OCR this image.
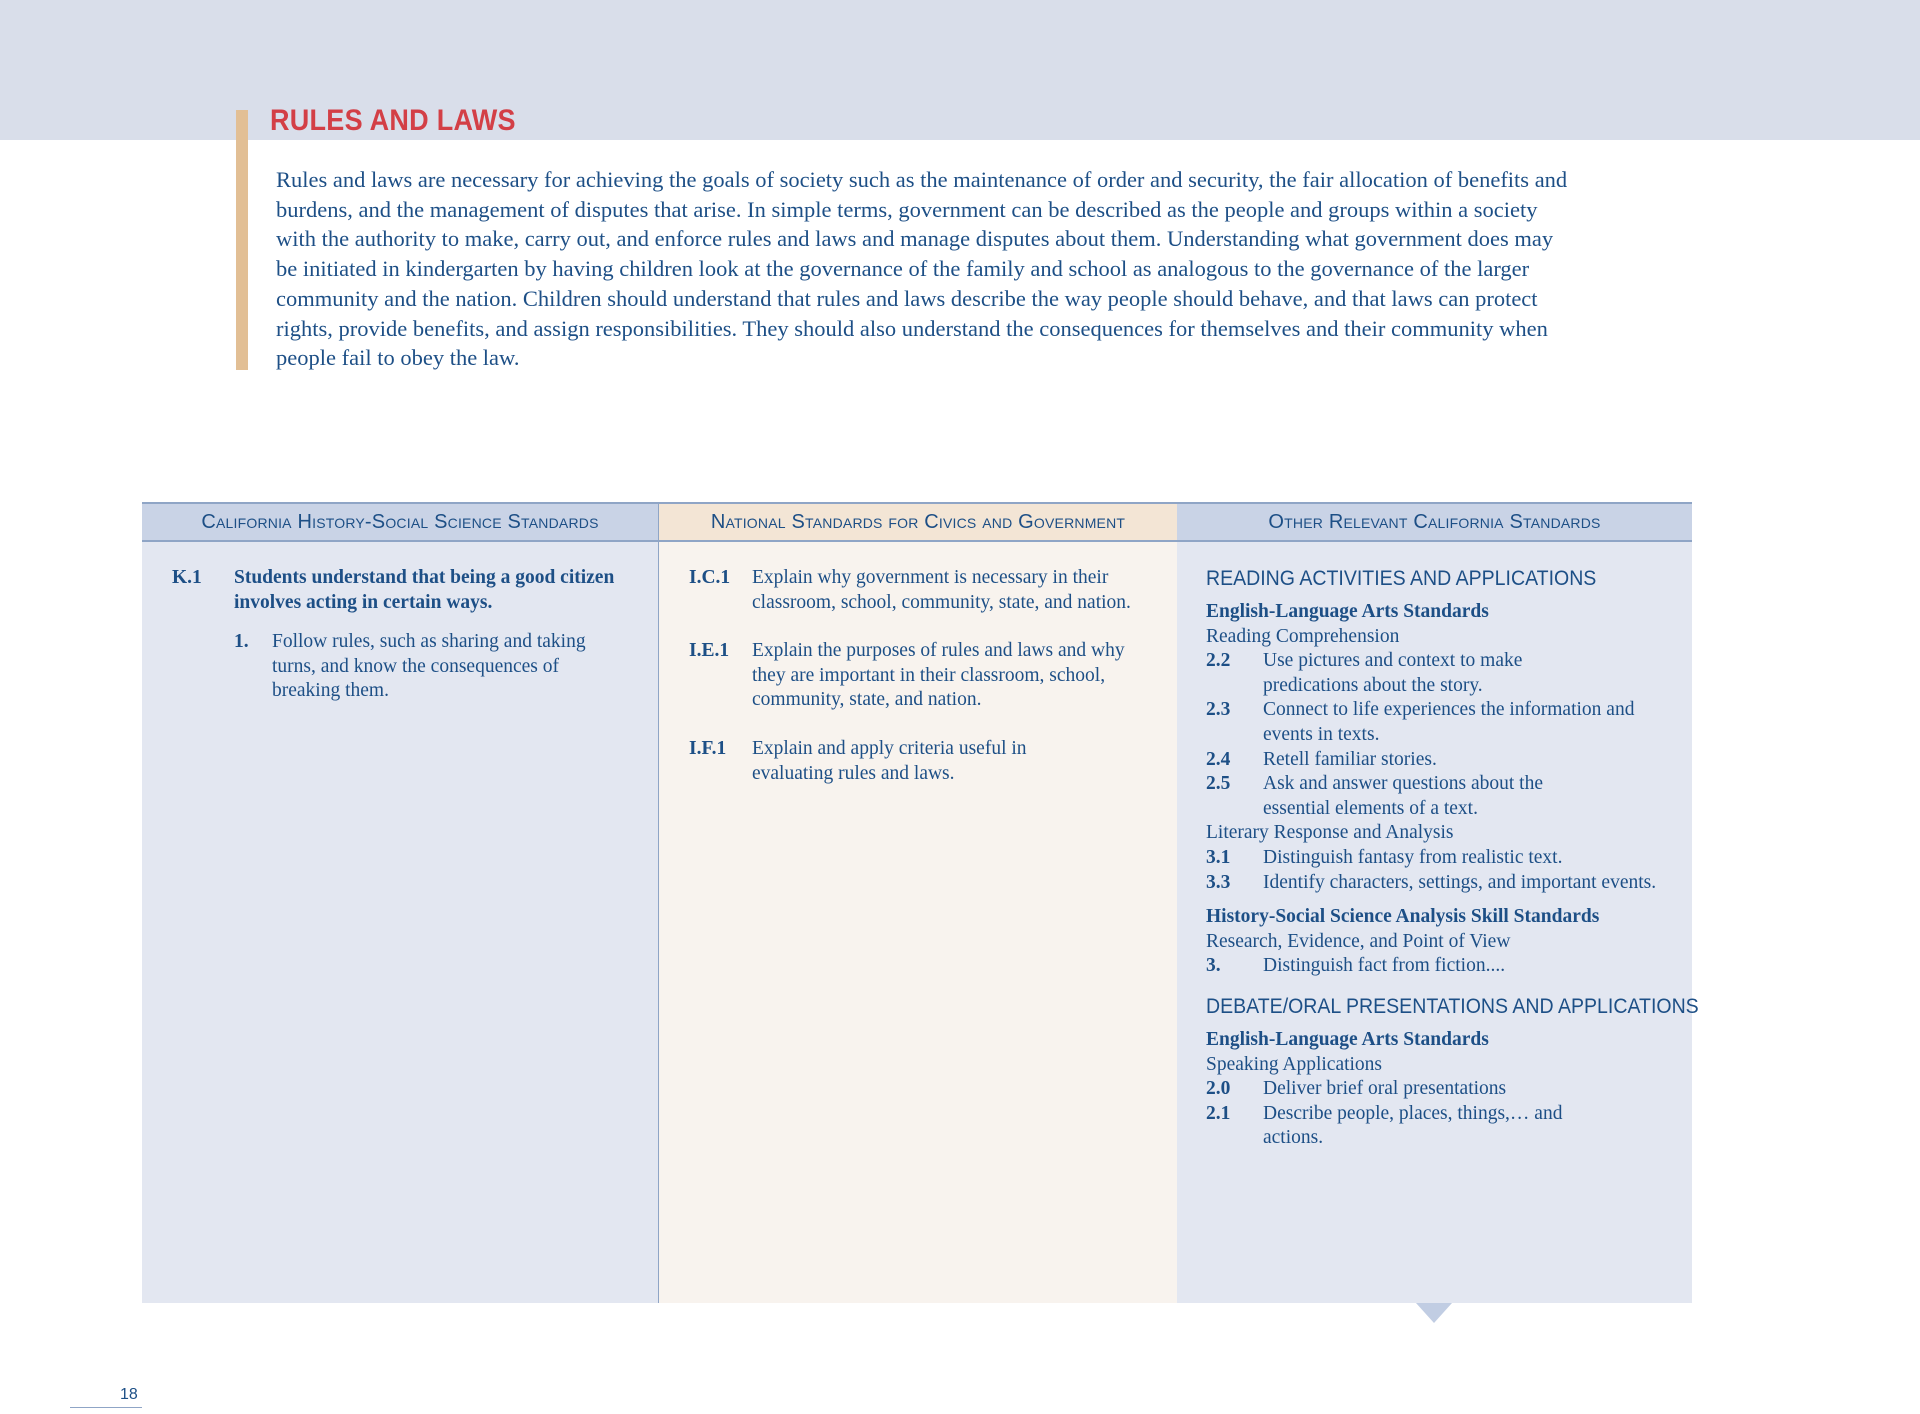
RULES AND LAWS

Rules and laws are necessary for achieving the goals of society such as the maintenance of order and security, the fair allocation of benefits and burdens, and the management of disputes that arise. In simple terms, government can be described as the people and groups within a society with the authority to make, carry out, and enforce rules and laws and manage disputes about them. Understanding what government does may be initiated in kindergarten by having children look at the governance of the family and school as analogous to the governance of the larger community and the nation. Children should understand that rules and laws describe the way people should behave, and that laws can protect rights, provide benefits, and assign responsibilities. They should also understand the consequences for themselves and their community when people fail to obey the law.

California History-Social Science Standards
K.1	Students understand that being a good citizen involves acting in certain ways.
1.	Follow rules, such as sharing and taking turns, and know the consequences of breaking them.
National Standards for Civics and Government
I.C.1	Explain why government is necessary in their classroom, school, community, state, and nation.
I.E.1	Explain the purposes of rules and laws and why they are important in their classroom, school, community, state, and nation.
I.F.1	Explain and apply criteria useful in evaluating rules and laws.
Other Relevant California Standards
READING ACTIVITIES AND APPLICATIONS
English-Language Arts Standards
Reading Comprehension
2.2	Use pictures and context to make predications about the story.
2.3	Connect to life experiences the information and events in texts.
2.4	Retell familiar stories.
2.5	Ask and answer questions about the essential elements of a text.
Literary Response and Analysis
3.1	Distinguish fantasy from realistic text.
3.3	Identify characters, settings, and important events.
History-Social Science Analysis Skill Standards
Research, Evidence, and Point of View
3.	Distinguish fact from fiction....
DEBATE/ORAL PRESENTATIONS AND APPLICATIONS
English-Language Arts Standards
Speaking Applications
2.0	Deliver brief oral presentations
2.1	Describe people, places, things,… and actions.
18
